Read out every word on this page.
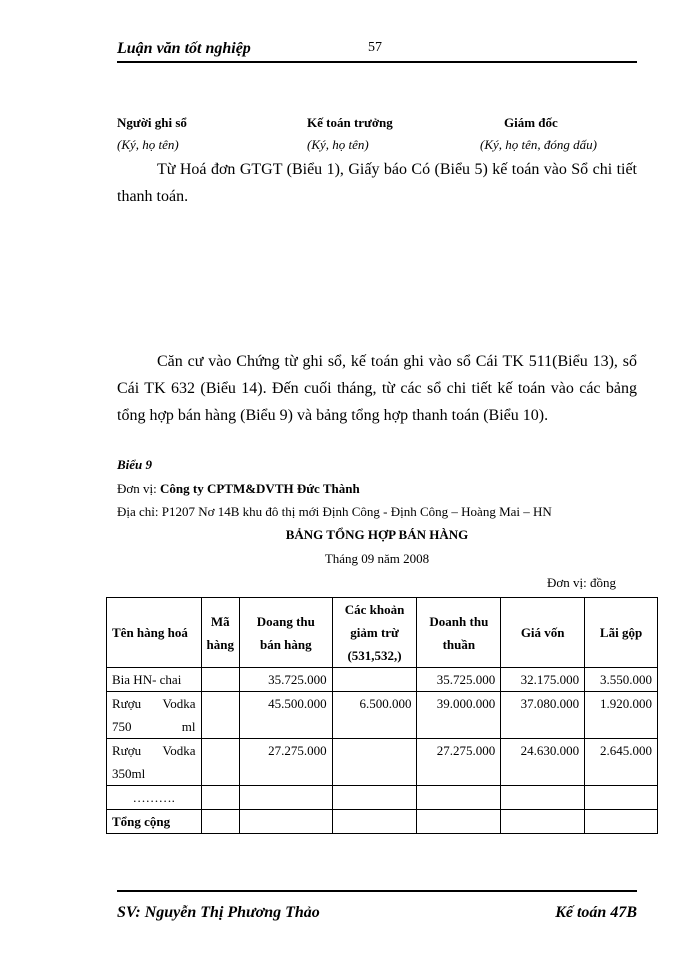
Luận văn tốt nghiệp	57
Người ghi sổ	Kế toán trưởng	Giám đốc
(Ký, họ tên)	(Ký, họ tên)	(Ký, họ tên, đóng dấu)
Từ Hoá đơn GTGT (Biểu 1), Giấy báo Có (Biểu 5) kế toán vào Sổ chi tiết thanh toán.
Căn cư vào Chứng từ ghi sổ, kế toán ghi vào sổ Cái TK 511(Biểu 13), sổ Cái TK 632 (Biểu 14). Đến cuối tháng, từ các sổ chi tiết kế toán vào các bảng tổng hợp bán hàng (Biểu 9) và bảng tổng hợp thanh toán (Biểu 10).
Biểu 9
Đơn vị: Công ty CPTM&DVTH Đức Thành
Địa chỉ: P1207 Nơ 14B khu đô thị mới Định Công - Định Công – Hoàng Mai – HN
BẢNG TỔNG HỢP BÁN HÀNG
Tháng 09 năm 2008
Đơn vị: đồng
Tên hàng hoá	Mã hàng	Doang thu bán hàng	Các khoản giảm trừ (531,532,)	Doanh thu thuần	Giá vốn	Lãi gộp
Bia HN- chai		35.725.000		35.725.000	32.175.000	3.550.000
Rượu Vodka 750 ml		45.500.000	6.500.000	39.000.000	37.080.000	1.920.000
Rượu Vodka 350ml		27.275.000		27.275.000	24.630.000	2.645.000
……….						
Tổng cộng						
SV: Nguyễn Thị Phương Thảo	Kế toán 47B
